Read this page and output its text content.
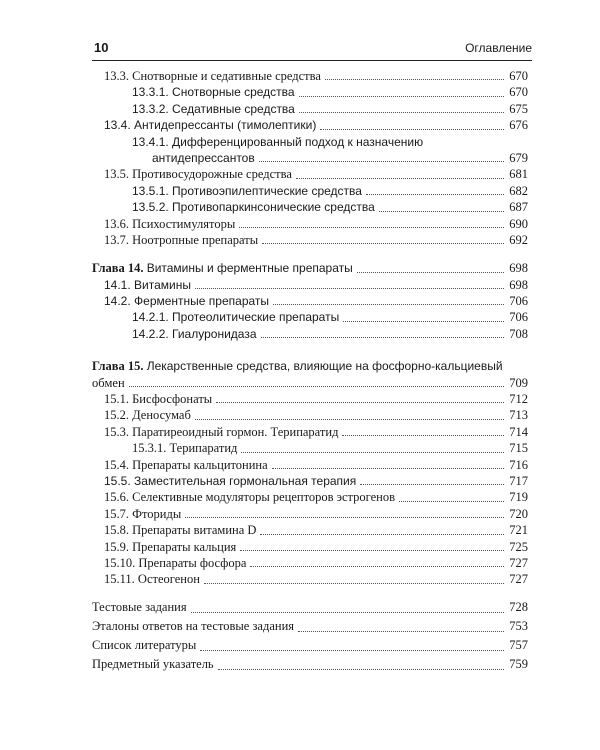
10	Оглавление
13.3. Снотворные и седативные средства	670
13.3.1. Снотворные средства	670
13.3.2. Седативные средства	675
13.4. Антидепрессанты (тимолептики)	676
13.4.1. Дифференцированный подход к назначению
антидепрессантов	679
13.5. Противосудорожные средства	681
13.5.1. Противоэпилептические средства	682
13.5.2. Противопаркинсонические средства	687
13.6. Психостимуляторы	690
13.7. Ноотропные препараты	692
Глава 14. Витамины и ферментные препараты	698
14.1. Витамины	698
14.2. Ферментные препараты	706
14.2.1. Протеолитические препараты	706
14.2.2. Гиалуронидаза	708
Глава 15. Лекарственные средства, влияющие на фосфорно-кальциевый
обмен	709
15.1. Бисфосфонаты	712
15.2. Деносумаб	713
15.3. Паратиреоидный гормон. Терипаратид	714
15.3.1. Терипаратид	715
15.4. Препараты кальцитонина	716
15.5. Заместительная гормональная терапия	717
15.6. Селективные модуляторы рецепторов эстрогенов	719
15.7. Фториды	720
15.8. Препараты витамина D	721
15.9. Препараты кальция	725
15.10. Препараты фосфора	727
15.11. Остеогенон	727
Тестовые задания	728
Эталоны ответов на тестовые задания	753
Список литературы	757
Предметный указатель	759
